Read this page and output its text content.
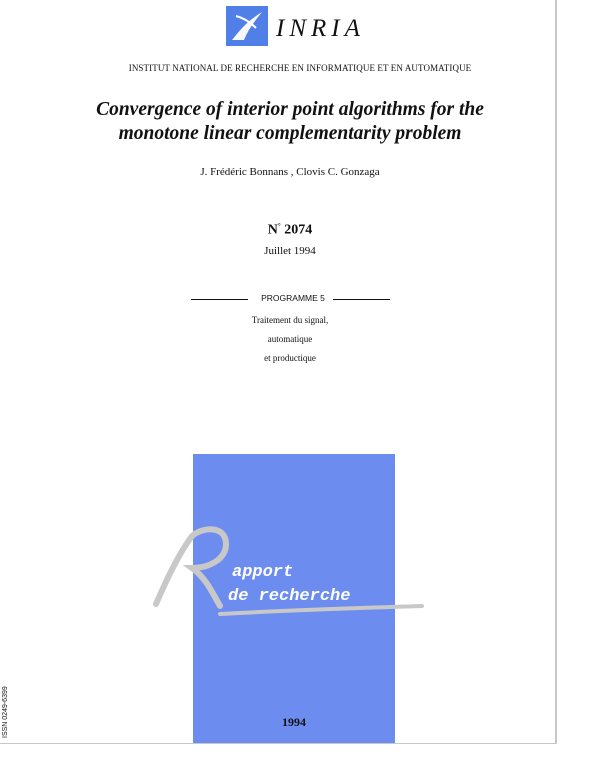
INRIA
INSTITUT NATIONAL DE RECHERCHE EN INFORMATIQUE ET EN AUTOMATIQUE
Convergence of interior point algorithms for the
monotone linear complementarity problem
J. Frédéric Bonnans , Clovis C. Gonzaga
N° 2074
Juillet 1994
PROGRAMME 5
Traitement du signal,
automatique
et productique
apport
de recherche
1994
ISSN 0249-6399
